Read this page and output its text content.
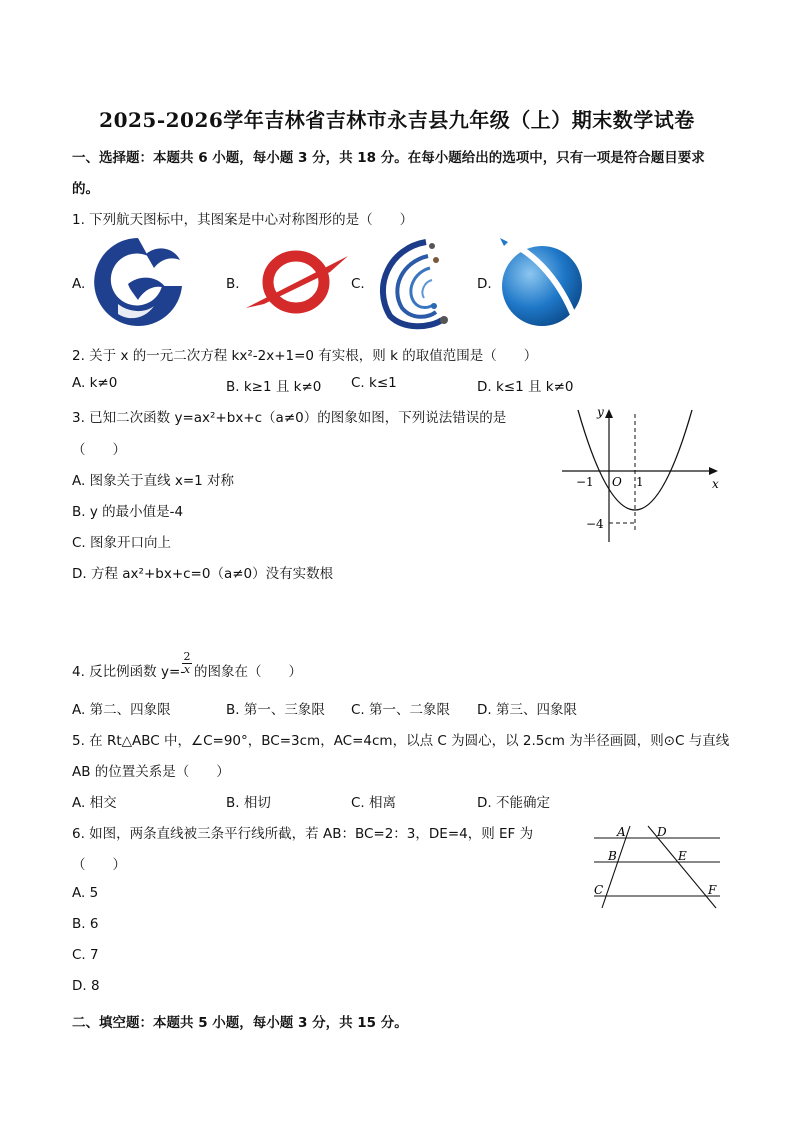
2025-2026学年吉林省吉林市永吉县九年级（上）期末数学试卷
一、选择题：本题共 6 小题，每小题 3 分，共 18 分。在每小题给出的选项中，只有一项是符合题目要求
的。
1. 下列航天图标中，其图案是中心对称图形的是（　　）
A.	B.	C.	D.
2. 关于 x 的一元二次方程 kx²-2x+1=0 有实根，则 k 的取值范围是（　　）
A. k≠0	B. k≥1 且 k≠0 C. k≤1	D. k≤1 且 k≠0
3. 已知二次函数 y=ax²+bx+c（a≠0）的图象如图，下列说法错误的是
（　　）
A. 图象关于直线 x=1 对称
B. y 的最小值是-4
C. 图象开口向上
D. 方程 ax²+bx+c=0（a≠0）没有实数根
y
x
O
−1	1
−4
4. 反比例函数 y=-
$\frac{2}{x}$ 的图象在（　　）
A. 第二、四象限	B. 第一、三象限 C. 第一、二象限 D. 第三、四象限
5. 在 Rt△ABC 中，∠C=90°，BC=3cm，AC=4cm，以点 C 为圆心，以 2.5cm 为半径画圆，则⊙C 与直线
AB 的位置关系是（　　）
A. 相交	B. 相切	C. 相离	D. 不能确定
6. 如图，两条直线被三条平行线所截，若 AB：BC=2：3，DE=4，则 EF 为
（　　）
A. 5
B. 6
C. 7
D. 8
A	D
B	E
C	F
二、填空题：本题共 5 小题，每小题 3 分，共 15 分。
